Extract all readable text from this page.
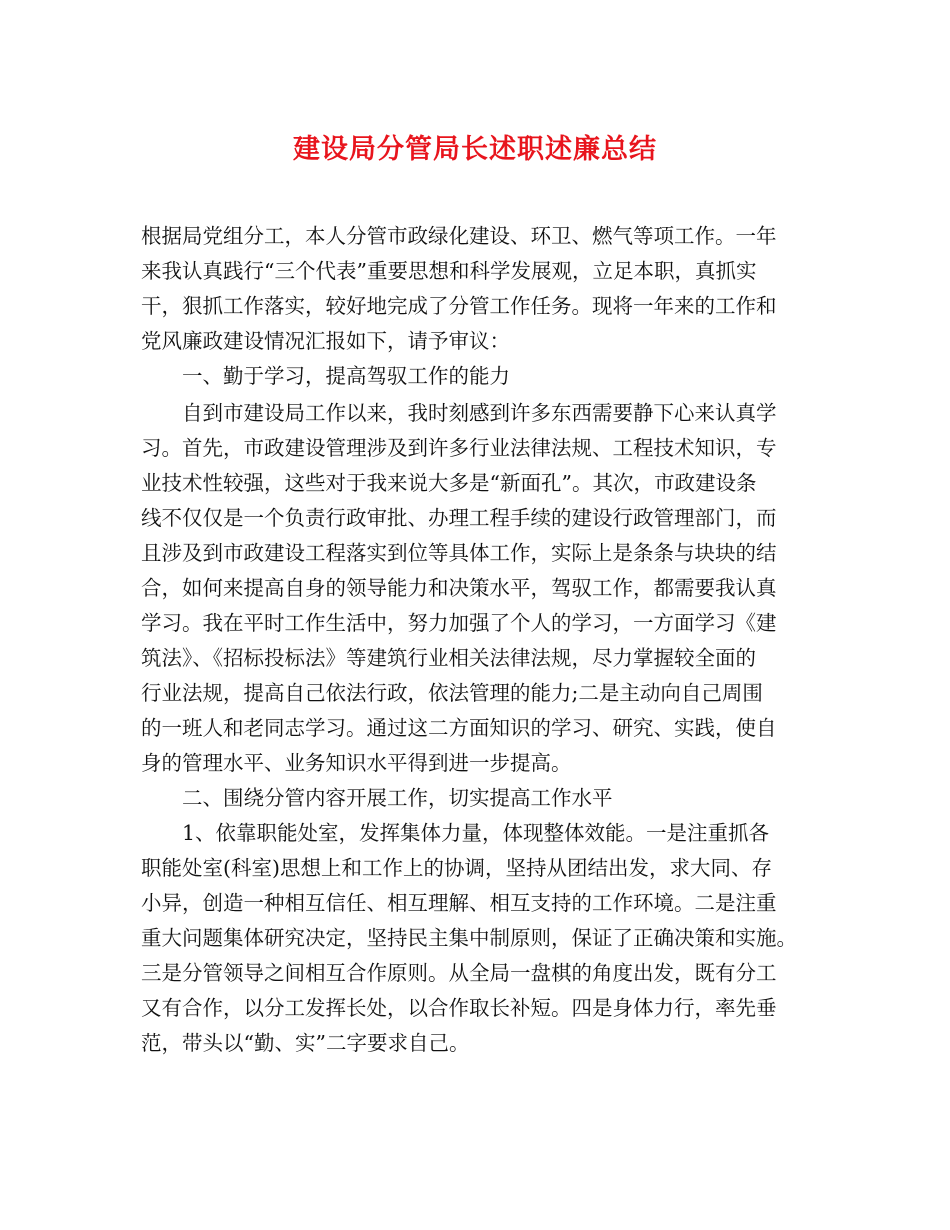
建设局分管局长述职述廉总结
根据局党组分工，本人分管市政绿化建设、环卫、燃气等项工作。一年
来我认真践行“三个代表”重要思想和科学发展观，立足本职，真抓实
干，狠抓工作落实，较好地完成了分管工作任务。现将一年来的工作和
党风廉政建设情况汇报如下，请予审议：
一、勤于学习，提高驾驭工作的能力
自到市建设局工作以来，我时刻感到许多东西需要静下心来认真学
习。首先，市政建设管理涉及到许多行业法律法规、工程技术知识，专
业技术性较强，这些对于我来说大多是“新面孔”。其次，市政建设条
线不仅仅是一个负责行政审批、办理工程手续的建设行政管理部门，而
且涉及到市政建设工程落实到位等具体工作，实际上是条条与块块的结
合，如何来提高自身的领导能力和决策水平，驾驭工作，都需要我认真
学习。我在平时工作生活中，努力加强了个人的学习，一方面学习《建
筑法》、《招标投标法》等建筑行业相关法律法规，尽力掌握较全面的
行业法规，提高自己依法行政，依法管理的能力;二是主动向自己周围
的一班人和老同志学习。通过这二方面知识的学习、研究、实践，使自
身的管理水平、业务知识水平得到进一步提高。
二、围绕分管内容开展工作，切实提高工作水平
1、依靠职能处室，发挥集体力量，体现整体效能。一是注重抓各
职能处室(科室)思想上和工作上的协调，坚持从团结出发，求大同、存
小异，创造一种相互信任、相互理解、相互支持的工作环境。二是注重
重大问题集体研究决定，坚持民主集中制原则，保证了正确决策和实施。
三是分管领导之间相互合作原则。从全局一盘棋的角度出发，既有分工
又有合作，以分工发挥长处，以合作取长补短。四是身体力行，率先垂
范，带头以“勤、实”二字要求自己。
